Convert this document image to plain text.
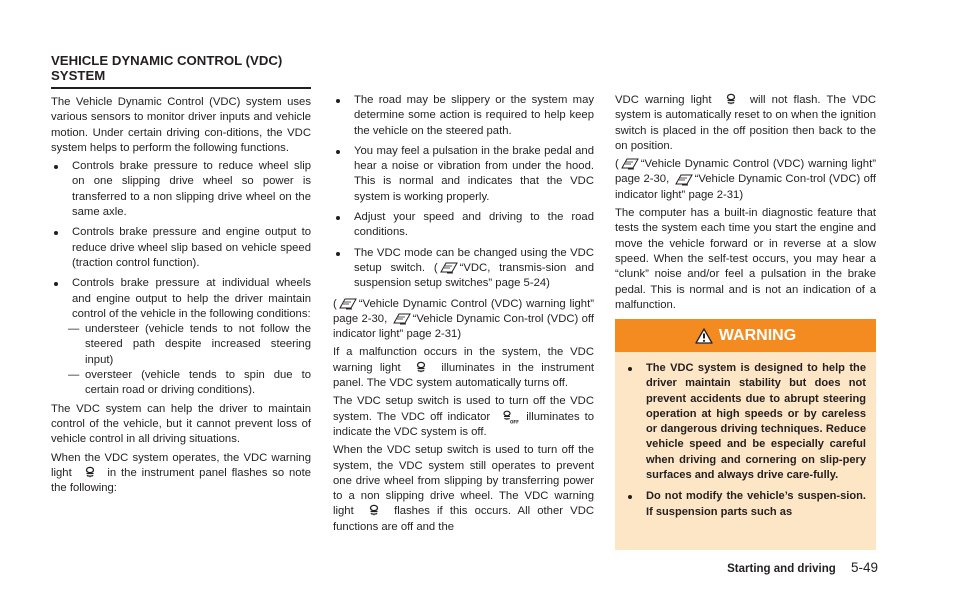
VEHICLE DYNAMIC CONTROL (VDC) SYSTEM

The Vehicle Dynamic Control (VDC) system uses various sensors to monitor driver inputs and vehicle motion. Under certain driving con-ditions, the VDC system helps to perform the following functions.

Controls brake pressure to reduce wheel slip on one slipping drive wheel so power is transferred to a non slipping drive wheel on the same axle.
Controls brake pressure and engine output to reduce drive wheel slip based on vehicle speed (traction control function).
Controls brake pressure at individual wheels and engine output to help the driver maintain control of the vehicle in the following conditions:
— understeer (vehicle tends to not follow the steered path despite increased steering input)
— oversteer (vehicle tends to spin due to certain road or driving conditions).

The VDC system can help the driver to maintain control of the vehicle, but it cannot prevent loss of vehicle control in all driving situations.

When the VDC system operates, the VDC warning light	in the instrument panel flashes so note the following:

The road may be slippery or the system may determine some action is required to help keep the vehicle on the steered path.
You may feel a pulsation in the brake pedal and hear a noise or vibration from under the hood. This is normal and indicates that the VDC system is working properly.
Adjust your speed and driving to the road conditions.
The VDC mode can be changed using the VDC setup switch. ( “VDC, transmis-sion and suspension setup switches” page 5-24)

( “Vehicle Dynamic Control (VDC) warning light” page 2-30, “Vehicle Dynamic Con-trol (VDC) off indicator light” page 2-31)

If a malfunction occurs in the system, the VDC warning light	illuminates in the instrument panel. The VDC system automatically turns off.

The VDC setup switch is used to turn off the VDC system. The VDC off indicator	OFF illuminates to indicate the VDC system is off.

When the VDC setup switch is used to turn off the system, the VDC system still operates to prevent one drive wheel from slipping by transferring power to a non slipping drive wheel. The VDC warning light	flashes if this occurs. All other VDC functions are off and the

VDC warning light	will not flash. The VDC system is automatically reset to on when the ignition switch is placed in the off position then back to the on position.

( “Vehicle Dynamic Control (VDC) warning light” page 2-30, “Vehicle Dynamic Con-trol (VDC) off indicator light” page 2-31)

The computer has a built-in diagnostic feature that tests the system each time you start the engine and move the vehicle forward or in reverse at a slow speed. When the self-test occurs, you may hear a “clunk” noise and/or feel a pulsation in the brake pedal. This is normal and is not an indication of a malfunction.

WARNING
The VDC system is designed to help the driver maintain stability but does not prevent accidents due to abrupt steering operation at high speeds or by careless or dangerous driving techniques. Reduce vehicle speed and be especially careful when driving and cornering on slip-pery surfaces and always drive care-fully.
Do not modify the vehicle’s suspen-sion. If suspension parts such as
Starting and driving 5-49
